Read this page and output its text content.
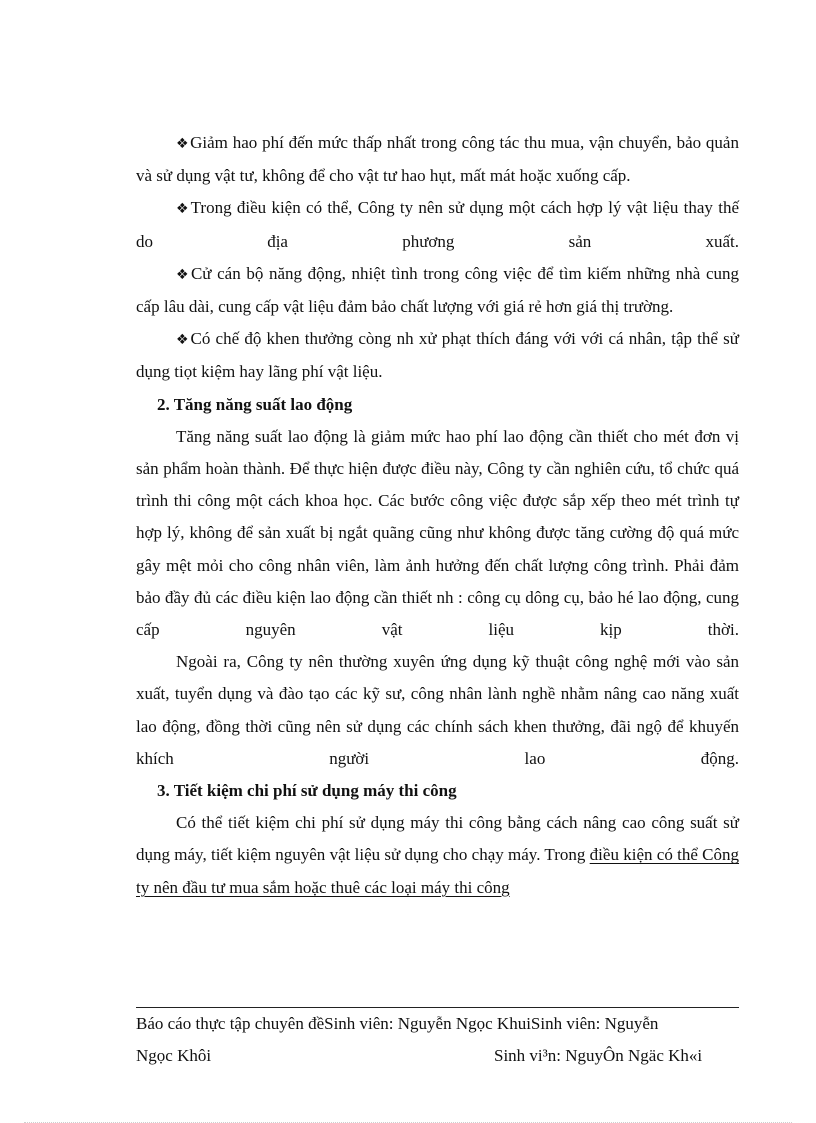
❖Giảm hao phí đến mức thấp nhất trong công tác thu mua, vận chuyển, bảo quản và sử dụng vật tư, không để cho vật tư hao hụt, mất mát hoặc xuống cấp.

❖Trong điều kiện có thể, Công ty nên sử dụng một cách hợp lý vật liệu thay thế do địa phương sản xuất.

❖Cử cán bộ năng động, nhiệt tình trong công việc để tìm kiếm những nhà cung cấp lâu dài, cung cấp vật liệu đảm bảo chất lượng với giá rẻ hơn giá thị trường.

❖Có chế độ khen thưởng còng nh xử phạt thích đáng với với cá nhân, tập thể sử dụng tiọt kiệm hay lãng phí vật liệu.

2. Tăng năng suất lao động

Tăng năng suất lao động là giảm mức hao phí lao động cần thiết cho mét đơn vị sản phẩm hoàn thành. Để thực hiện được điều này, Công ty cần nghiên cứu, tổ chức quá trình thi công một cách khoa học. Các bước công việc được sắp xếp theo mét trình tự hợp lý, không để sản xuất bị ngắt quãng cũng như không được tăng cường độ quá mức gây mệt mỏi cho công nhân viên, làm ảnh hưởng đến chất lượng công trình. Phải đảm bảo đầy đủ các điều kiện lao động cần thiết nh : công cụ dông cụ, bảo hé lao động, cung cấp nguyên vật liệu kịp thời.

Ngoài ra, Công ty nên thường xuyên ứng dụng kỹ thuật công nghệ mới vào sản xuất, tuyển dụng và đào tạo các kỹ sư, công nhân lành nghề nhằm nâng cao năng xuất lao động, đồng thời cũng nên sử dụng các chính sách khen thưởng, đãi ngộ để khuyến khích người lao động.

3. Tiết kiệm chi phí sử dụng máy thi công

Có thể tiết kiệm chi phí sử dụng máy thi công bằng cách nâng cao công suất sử dụng máy, tiết kiệm nguyên vật liệu sử dụng cho chạy máy. Trong điều kiện có thể Công ty nên đầu tư mua sắm hoặc thuê các loại máy thi công

Báo cáo thực tập chuyên đềSinh viên: Nguyễn Ngọc KhuiSinh viên: Nguyễn
Ngọc Khôi	Sinh vi³n: NguyÔn Ngäc Kh«i
